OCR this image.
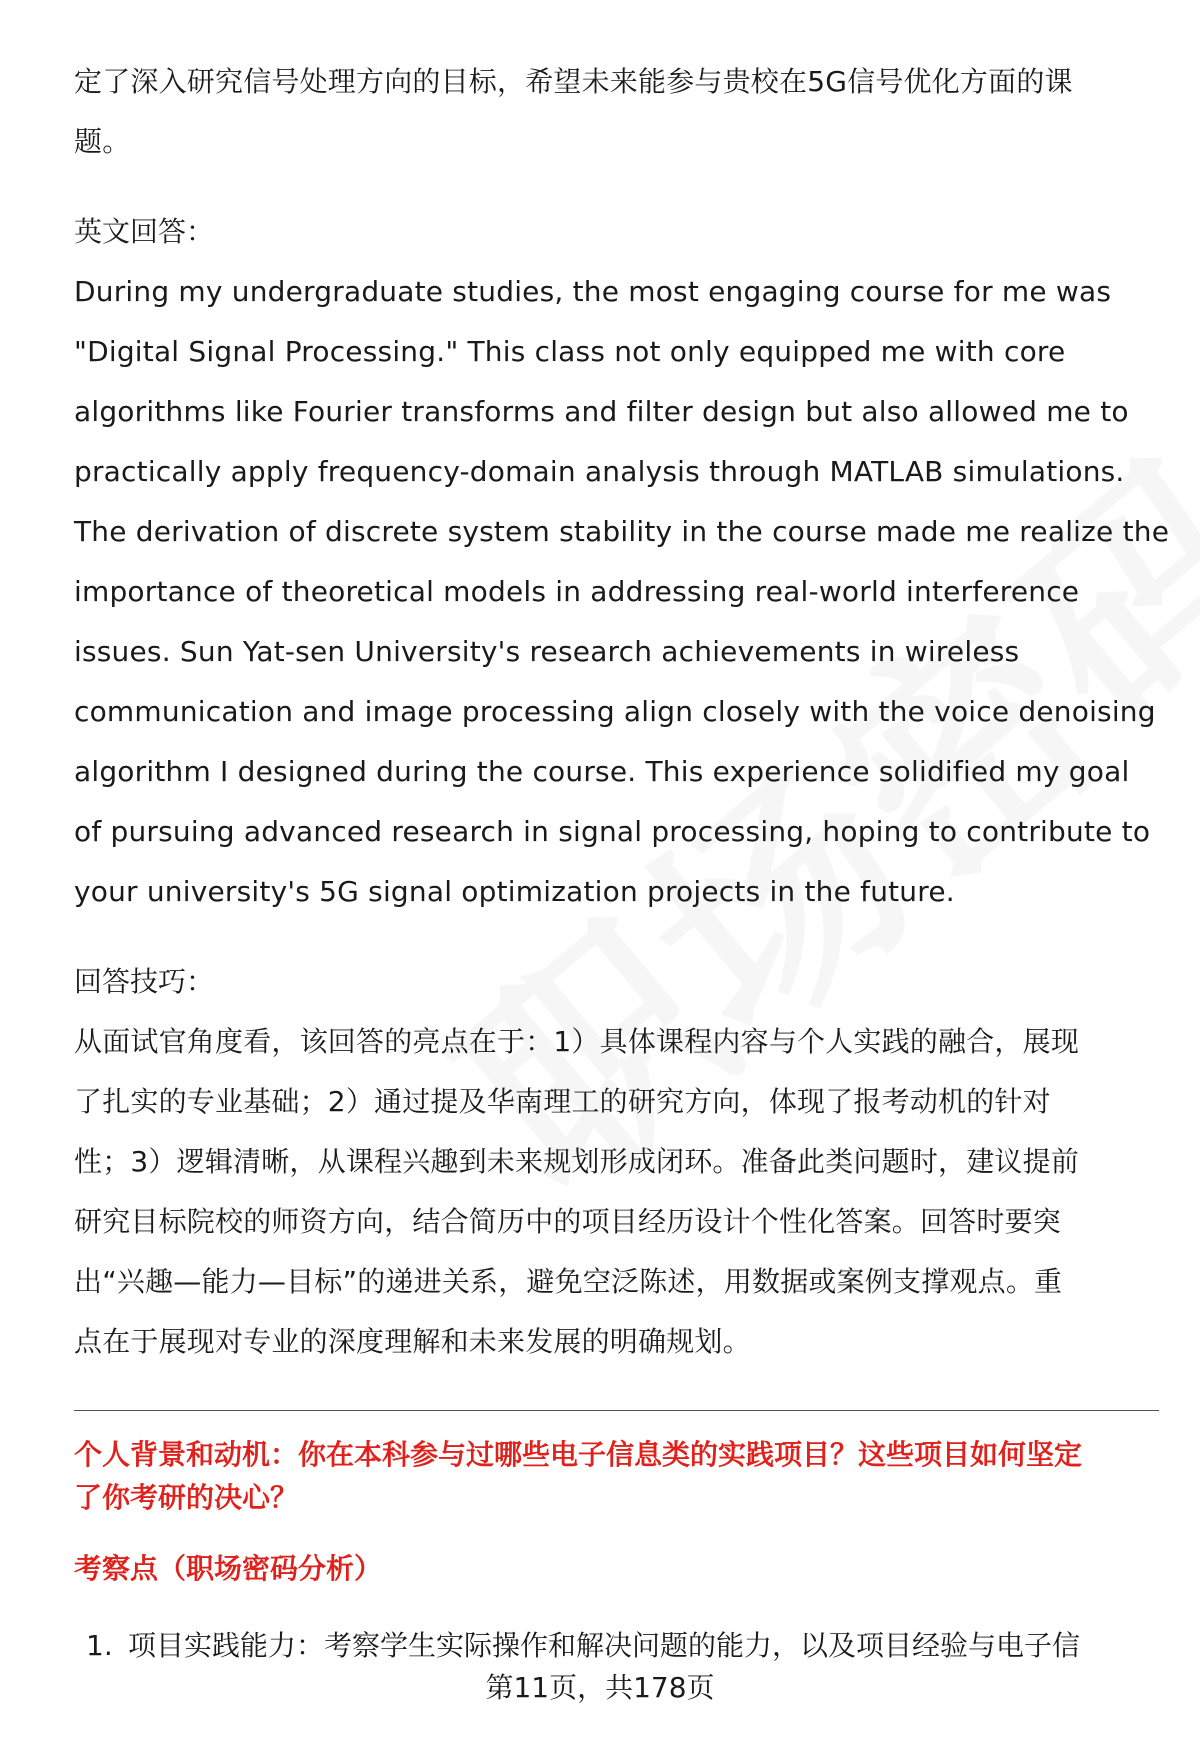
定了深入研究信号处理方向的目标，希望未来能参与贵校在5G信号优化方面的课

题。

英文回答：

During my undergraduate studies, the most engaging course for me was

"Digital Signal Processing." This class not only equipped me with core

algorithms like Fourier transforms and filter design but also allowed me to

practically apply frequency-domain analysis through MATLAB simulations.

The derivation of discrete system stability in the course made me realize the

importance of theoretical models in addressing real-world interference

issues. Sun Yat-sen University's research achievements in wireless

communication and image processing align closely with the voice denoising

algorithm I designed during the course. This experience solidified my goal

of pursuing advanced research in signal processing, hoping to contribute to

your university's 5G signal optimization projects in the future.

回答技巧：

从面试官角度看，该回答的亮点在于：1）具体课程内容与个人实践的融合，展现

了扎实的专业基础；2）通过提及华南理工的研究方向，体现了报考动机的针对

性；3）逻辑清晰，从课程兴趣到未来规划形成闭环。准备此类问题时，建议提前

研究目标院校的师资方向，结合简历中的项目经历设计个性化答案。回答时要突

出“兴趣—能力—目标”的递进关系，避免空泛陈述，用数据或案例支撑观点。重

点在于展现对专业的深度理解和未来发展的明确规划。

个人背景和动机：你在本科参与过哪些电子信息类的实践项目？这些项目如何坚定

了你考研的决心？

考察点（职场密码分析）

1. 项目实践能力：考察学生实际操作和解决问题的能力，以及项目经验与电子信
第11页，共178页
